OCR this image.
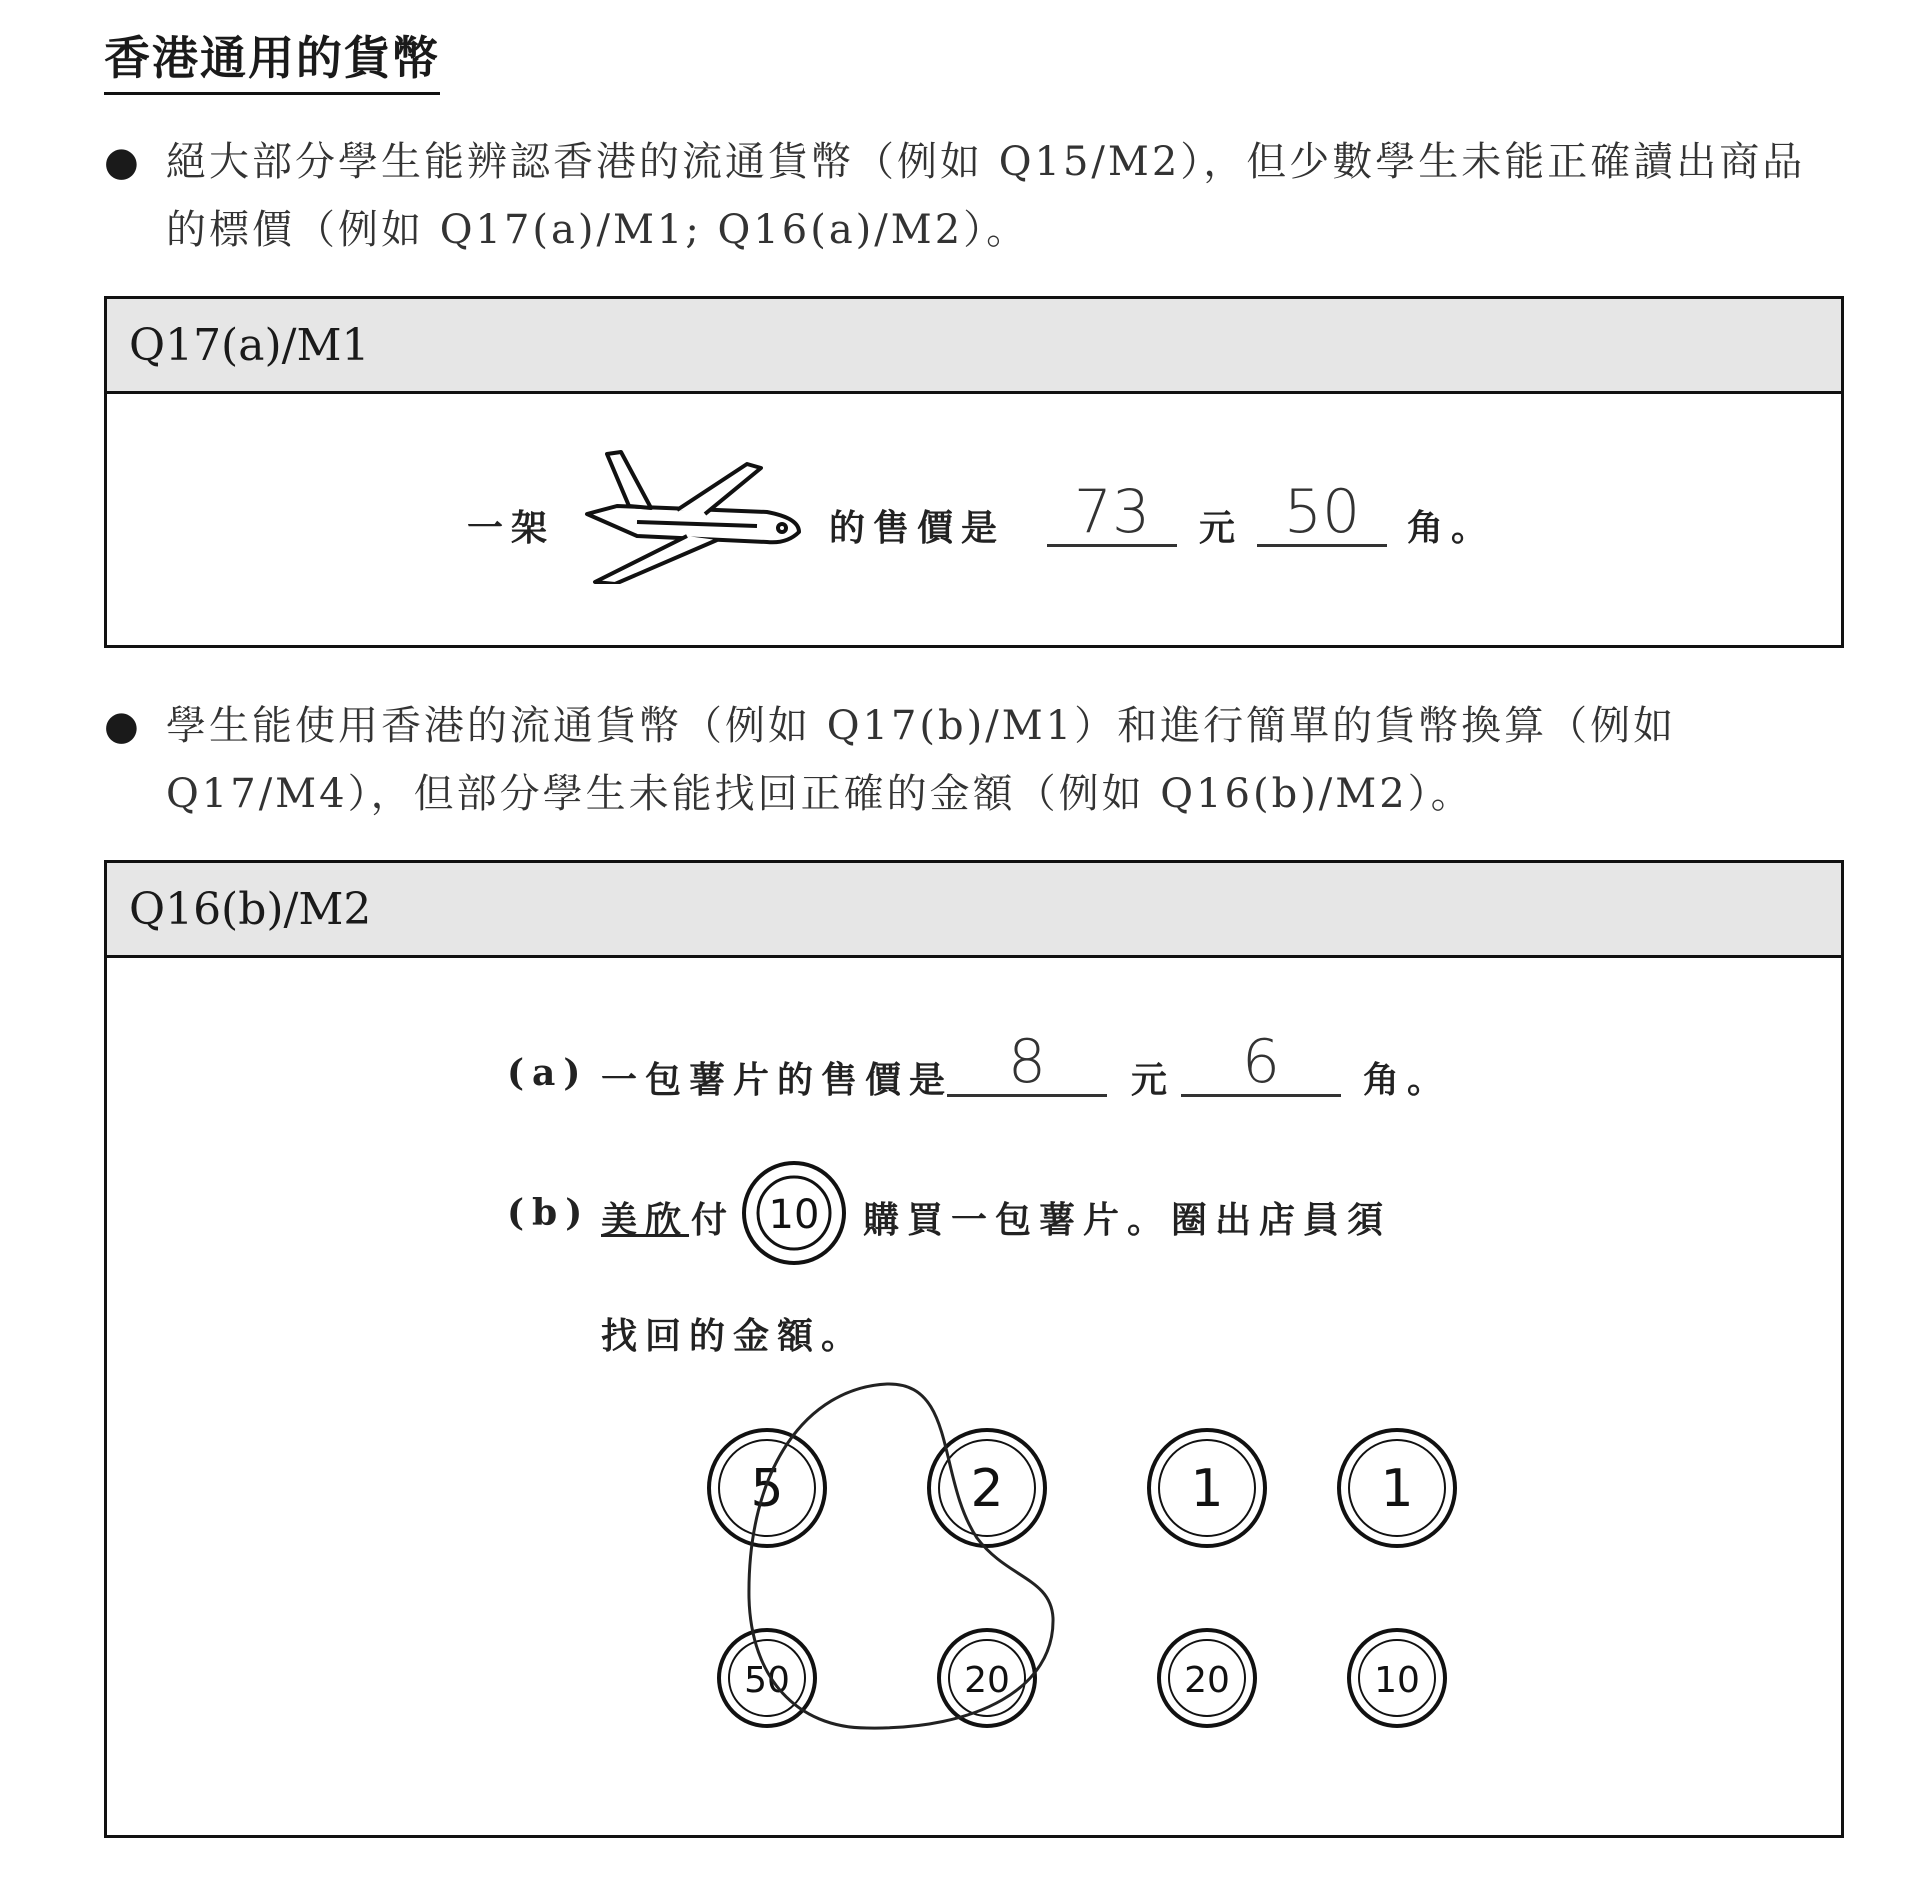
香港通用的貨幣
● 絕大部分學生能辨認香港的流通貨幣（例如 Q15/M2），但少數學生未能正確讀出商品的標價（例如 Q17(a)/M1; Q16(a)/M2）。
Q17(a)/M1
一架	的售價是	73	元 50	角。
● 學生能使用香港的流通貨幣（例如 Q17(b)/M1）和進行簡單的貨幣換算（例如 Q17/M4），但部分學生未能找回正確的金額（例如 Q16(b)/M2）。
Q16(b)/M2
(a) 一包薯片的售價是 8	元	6	角。
(b) 美欣 付 10 購買一包薯片。圈出店員須
找回的金額。
5	2	1	1
50	20	20	10
